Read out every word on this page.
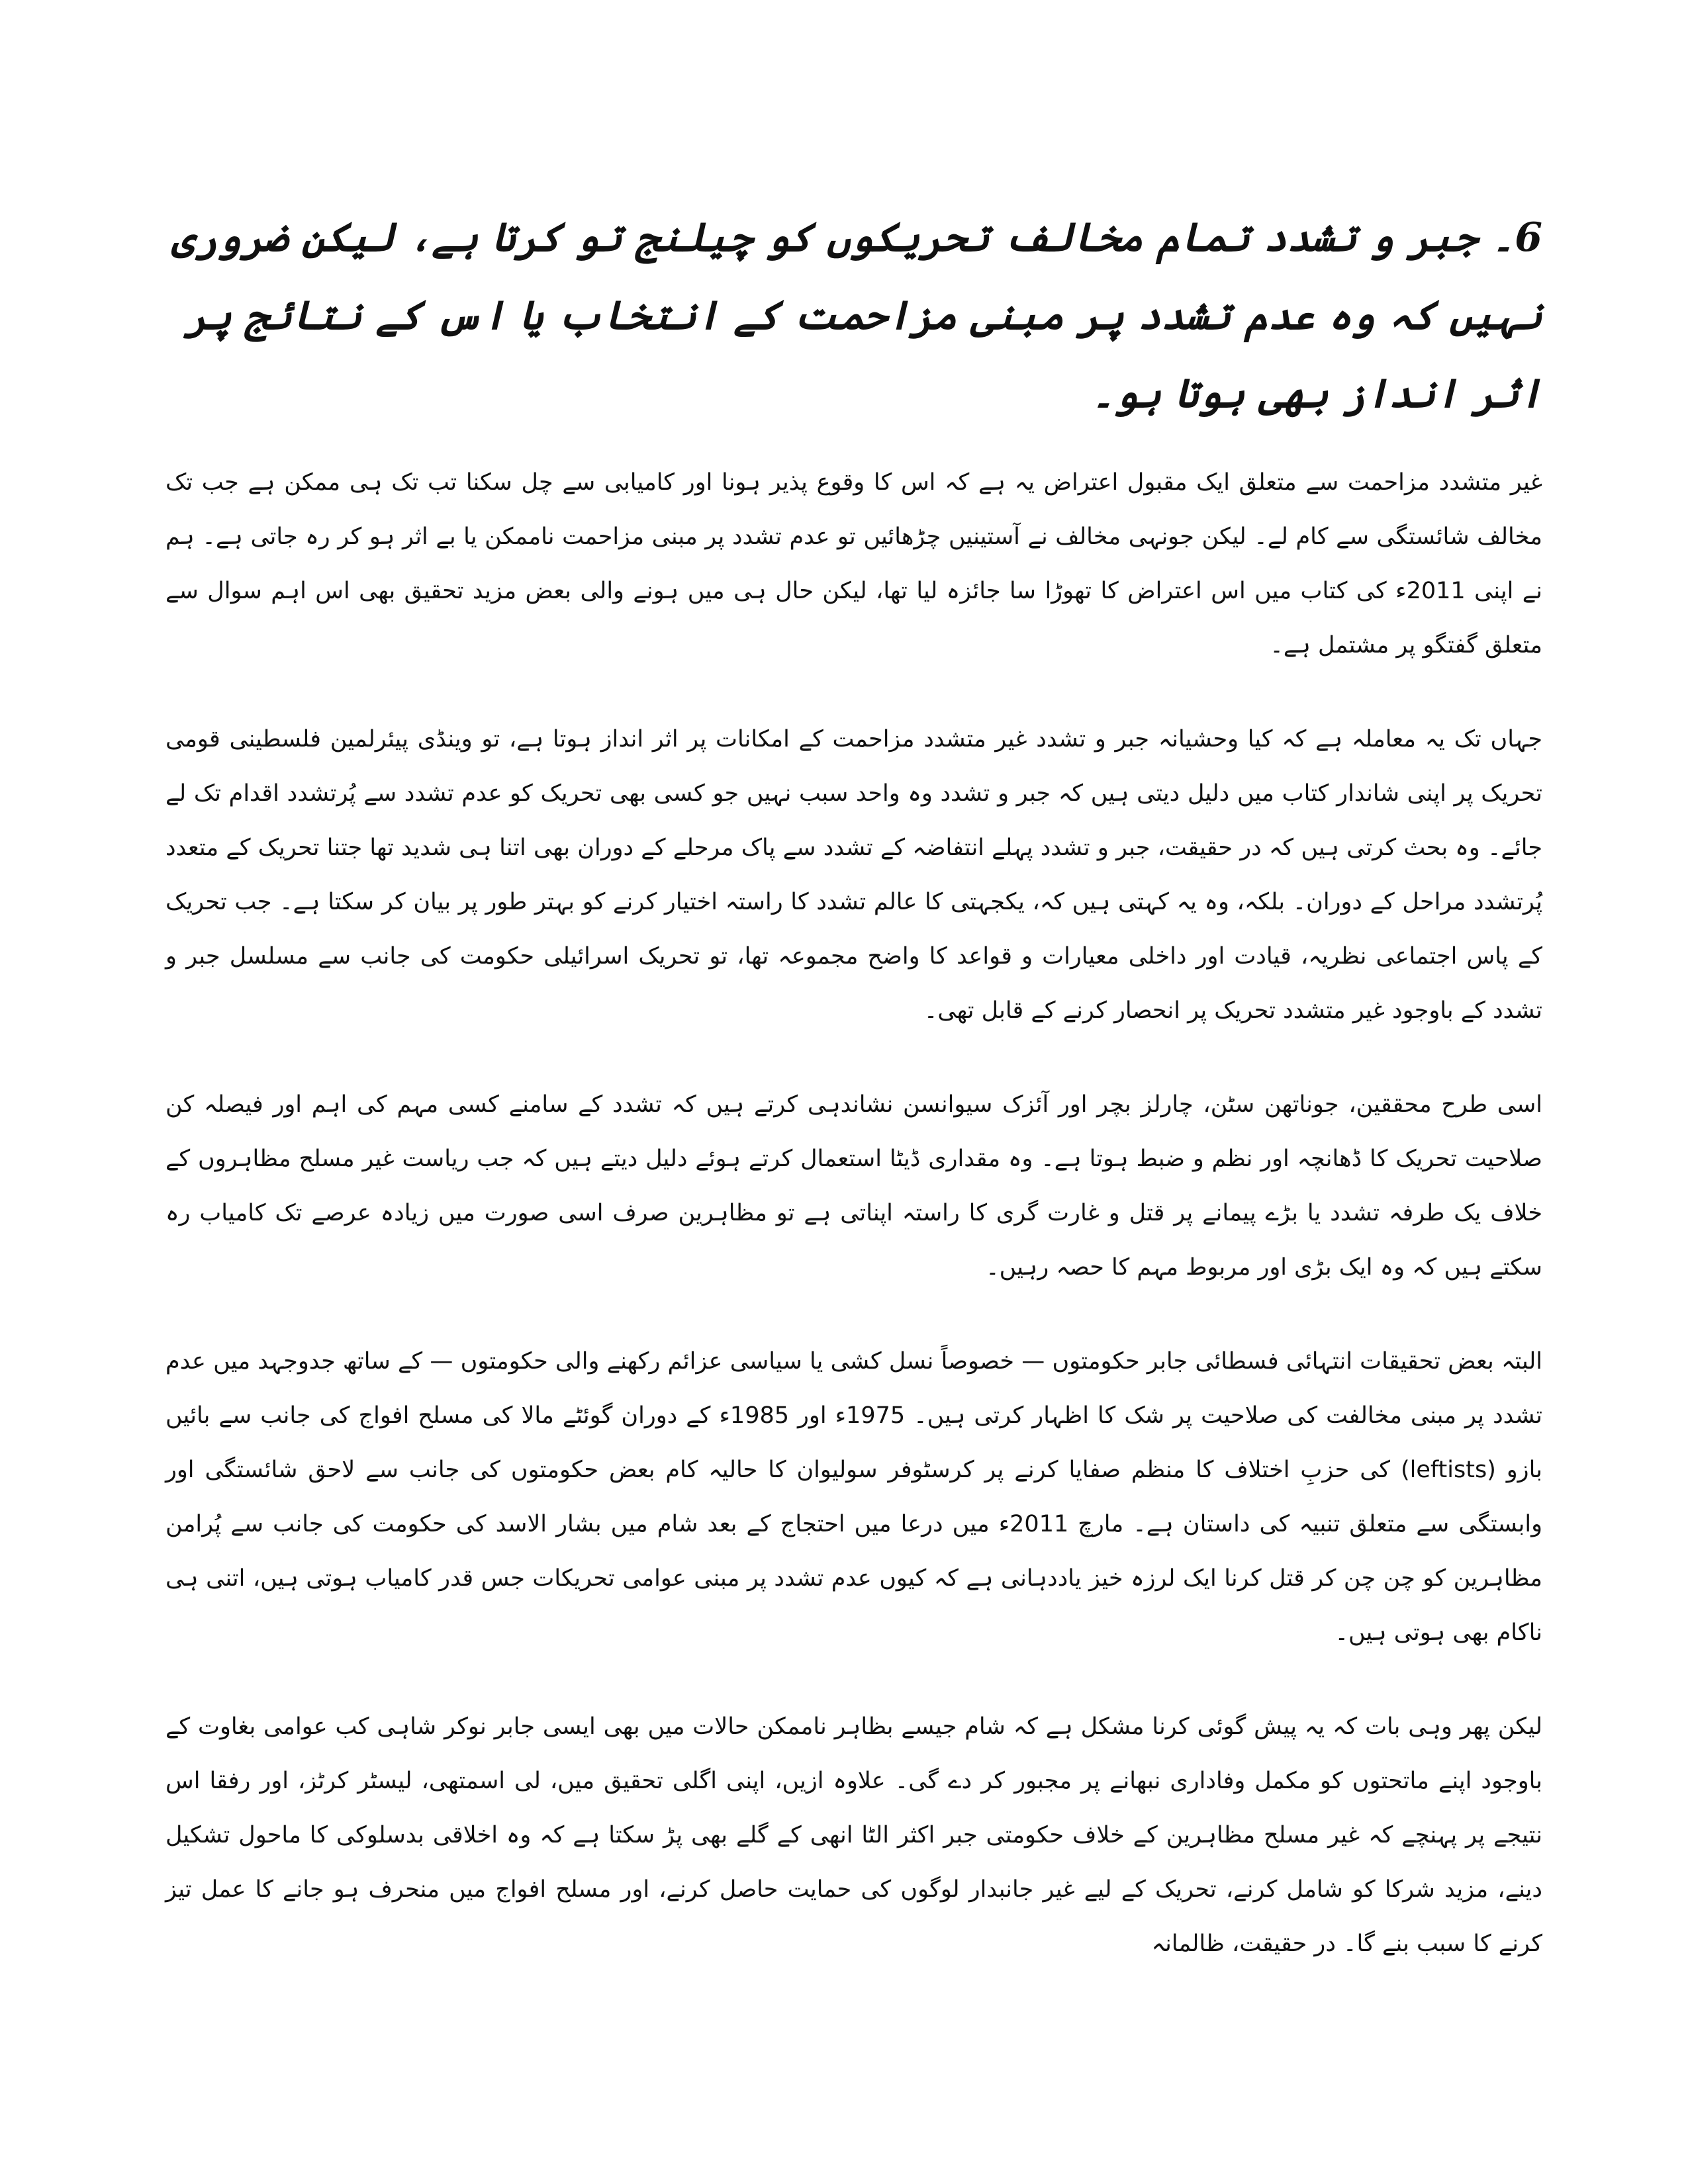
6۔ جبر و تشدد تمام مخالف تحریکوں کو چیلنج تو کرتا ہے، لیکن ضروری نہیں کہ وہ عدم تشدد پر مبنی مزاحمت کے انتخاب یا اس کے نتائج پر اثر انداز بھی ہوتا ہو۔

غیر متشدد مزاحمت سے متعلق ایک مقبول اعتراض یہ ہے کہ اس کا وقوع پذیر ہونا اور کامیابی سے چل سکنا تب تک ہی ممکن ہے جب تک مخالف شائستگی سے کام لے۔ لیکن جونہی مخالف نے آستینیں چڑھائیں تو عدم تشدد پر مبنی مزاحمت ناممکن یا بے اثر ہو کر رہ جاتی ہے۔ ہم نے اپنی 2011ء کی کتاب میں اس اعتراض کا تھوڑا سا جائزہ لیا تھا، لیکن حال ہی میں ہونے والی بعض مزید تحقیق بھی اس اہم سوال سے متعلق گفتگو پر مشتمل ہے۔

جہاں تک یہ معاملہ ہے کہ کیا وحشیانہ جبر و تشدد غیر متشدد مزاحمت کے امکانات پر اثر انداز ہوتا ہے، تو وینڈی پیئرلمین فلسطینی قومی تحریک پر اپنی شاندار کتاب میں دلیل دیتی ہیں کہ جبر و تشدد وہ واحد سبب نہیں جو کسی بھی تحریک کو عدم تشدد سے پُرتشدد اقدام تک لے جائے۔ وہ بحث کرتی ہیں کہ در حقیقت، جبر و تشدد پہلے انتفاضہ کے تشدد سے پاک مرحلے کے دوران بھی اتنا ہی شدید تھا جتنا تحریک کے متعدد پُرتشدد مراحل کے دوران۔ بلکہ، وہ یہ کہتی ہیں کہ، یکجہتی کا عالم تشدد کا راستہ اختیار کرنے کو بہتر طور پر بیان کر سکتا ہے۔ جب تحریک کے پاس اجتماعی نظریہ، قیادت اور داخلی معیارات و قواعد کا واضح مجموعہ تھا، تو تحریک اسرائیلی حکومت کی جانب سے مسلسل جبر و تشدد کے باوجود غیر متشدد تحریک پر انحصار کرنے کے قابل تھی۔

اسی طرح محققین، جوناتھن سٹن، چارلز بچر اور آئزک سیوانسن نشاندہی کرتے ہیں کہ تشدد کے سامنے کسی مہم کی اہم اور فیصلہ کن صلاحیت تحریک کا ڈھانچہ اور نظم و ضبط ہوتا ہے۔ وہ مقداری ڈیٹا استعمال کرتے ہوئے دلیل دیتے ہیں کہ جب ریاست غیر مسلح مظاہروں کے خلاف یک طرفہ تشدد یا بڑے پیمانے پر قتل و غارت گری کا راستہ اپناتی ہے تو مظاہرین صرف اسی صورت میں زیادہ عرصے تک کامیاب رہ سکتے ہیں کہ وہ ایک بڑی اور مربوط مہم کا حصہ رہیں۔

البتہ بعض تحقیقات انتہائی فسطائی جابر حکومتوں — خصوصاً نسل کشی یا سیاسی عزائم رکھنے والی حکومتوں — کے ساتھ جدوجہد میں عدم تشدد پر مبنی مخالفت کی صلاحیت پر شک کا اظہار کرتی ہیں۔ 1975ء اور 1985ء کے دوران گوئٹے مالا کی مسلح افواج کی جانب سے بائیں بازو (leftists) کی حزبِ اختلاف کا منظم صفایا کرنے پر کرسٹوفر سولیوان کا حالیہ کام بعض حکومتوں کی جانب سے لاحق شائستگی اور وابستگی سے متعلق تنبیہ کی داستان ہے۔ مارچ 2011ء میں درعا میں احتجاج کے بعد شام میں بشار الاسد کی حکومت کی جانب سے پُرامن مظاہرین کو چن چن کر قتل کرنا ایک لرزہ خیز یاددہانی ہے کہ کیوں عدم تشدد پر مبنی عوامی تحریکات جس قدر کامیاب ہوتی ہیں، اتنی ہی ناکام بھی ہوتی ہیں۔

لیکن پھر وہی بات کہ یہ پیش گوئی کرنا مشکل ہے کہ شام جیسے بظاہر ناممکن حالات میں بھی ایسی جابر نوکر شاہی کب عوامی بغاوت کے باوجود اپنے ماتحتوں کو مکمل وفاداری نبھانے پر مجبور کر دے گی۔ علاوہ ازیں، اپنی اگلی تحقیق میں، لی اسمتھی، لیسٹر کرٹز، اور رفقا اس نتیجے پر پہنچے کہ غیر مسلح مظاہرین کے خلاف حکومتی جبر اکثر الٹا انھی کے گلے بھی پڑ سکتا ہے کہ وہ اخلاقی بدسلوکی کا ماحول تشکیل دینے، مزید شرکا کو شامل کرنے، تحریک کے لیے غیر جانبدار لوگوں کی حمایت حاصل کرنے، اور مسلح افواج میں منحرف ہو جانے کا عمل تیز کرنے کا سبب بنے گا۔ در حقیقت، ظالمانہ
